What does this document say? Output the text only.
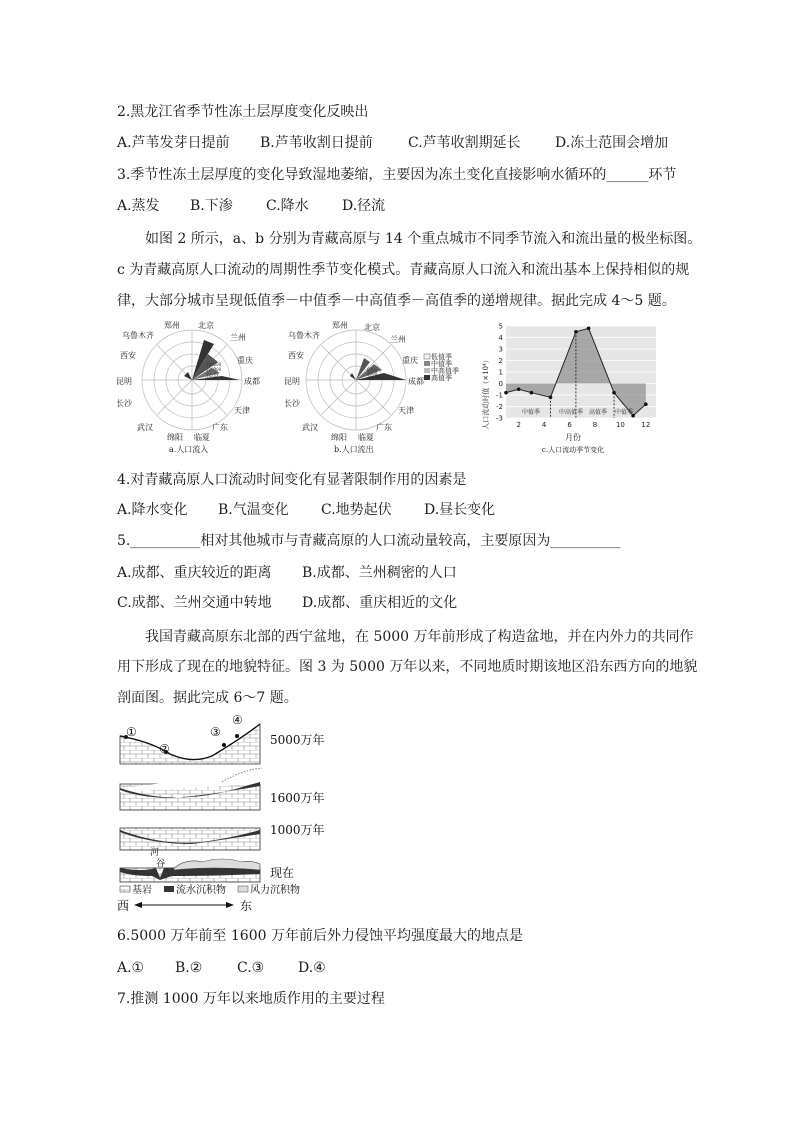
2.黑龙江省季节性冻土层厚度变化反映出
A.芦苇发芽日提前 B.芦苇收割日提前	C.芦苇收割期延长 D.冻土范围会增加
3.季节性冻土层厚度的变化导致湿地萎缩，主要因为冻土变化直接影响水循环的______环节
A.蒸发 B.下渗 C.降水 D.径流
如图 2 所示，a、b 分别为青藏高原与 14 个重点城市不同季节流入和流出量的极坐标图。
c 为青藏高原人口流动的周期性季节变化模式。青藏高原人口流入和流出基本上保持相似的规
律，大部分城市呈现低值季－中值季－中高值季－高值季的递增规律。据此完成 4～5 题。
140000
100000
60000
20000
郑州 北京
兰州
重庆
成都
天津
广东
临夏
绵阳
武汉
长沙
昆明
西安
乌鲁木齐
a.人口流入
6000
4000
2000
低值季
中值季
中高值季
高值季
郑州 北京
兰州
重庆
成都
天津
广东
临夏
绵阳
武汉
长沙
昆明
西安
乌鲁木齐
b.人口流出
人口流动时值（×10⁴）
5
4
3
2
1
0
-1
-2
-3
2	4	6	8	10 12
中值季	中高值季 高值季 中值季
月份
c.人口流动季节变化
4.对青藏高原人口流动时间变化有显著限制作用的因素是
A.降水变化 B.气温变化 C.地势起伏 D.昼长变化
5.__________相对其他城市与青藏高原的人口流动量较高，主要原因为__________
A.成都、重庆较近的距离 B.成都、兰州稠密的人口
C.成都、兰州交通中转地 D.成都、重庆相近的文化
我国青藏高原东北部的西宁盆地，在 5000 万年前形成了构造盆地，并在内外力的共同作
用下形成了现在的地貌特征。图 3 为 5000 万年以来，不同地质时期该地区沿东西方向的地貌
剖面图。据此完成 6～7 题。
①
②
③
④
河
谷
5000万年
1600万年
1000万年
现在
基岩 流水沉积物 风力沉积物
西	东
6.5000 万年前至 1600 万年前后外力侵蚀平均强度最大的地点是
A.① B.② C.③ D.④
7.推测 1000 万年以来地质作用的主要过程
